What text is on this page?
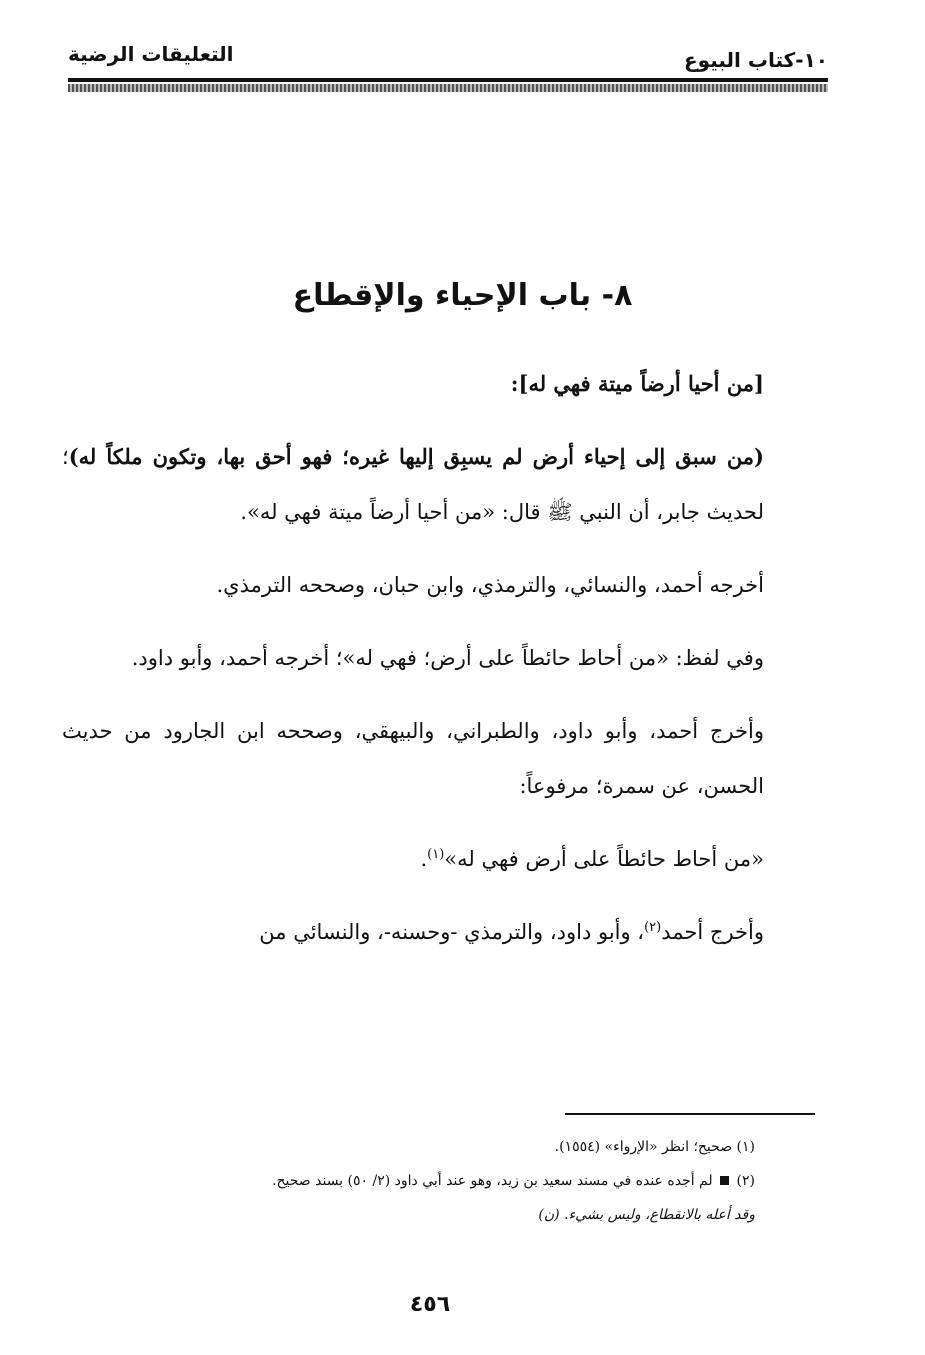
١٠-كتاب البيوع
التعليقات الرضية
٨- باب الإحياء والإقطاع

[من أحيا أرضاً ميتة فهي له]:

(من سبق إلى إحياء أرض لم يسبِق إليها غيره؛ فهو أحق بها، وتكون ملكاً له)؛ لحديث جابر، أن النبي ﷺ قال: «من أحيا أرضاً ميتة فهي له».

أخرجه أحمد، والنسائي، والترمذي، وابن حبان، وصححه الترمذي.

وفي لفظ: «من أحاط حائطاً على أرض؛ فهي له»؛ أخرجه أحمد، وأبو داود.

وأخرج أحمد، وأبو داود، والطبراني، والبيهقي، وصححه ابن الجارود من حديث الحسن، عن سمرة؛ مرفوعاً:

«من أحاط حائطاً على أرض فهي له»$^{(١)}$.

وأخرج أحمد$^{(٢)}$، وأبو داود، والترمذي -وحسنه-، والنسائي من

(١) صحيح؛ انظر «الإرواء» (١٥٥٤).

(٢)  لم أجده عنده في مسند سعيد بن زيد، وهو عند أبي داود (٢/ ٥٠) بسند صحيح.

وقد أعله بالانقطاع، وليس بشيء. (ن)

٤٥٦
